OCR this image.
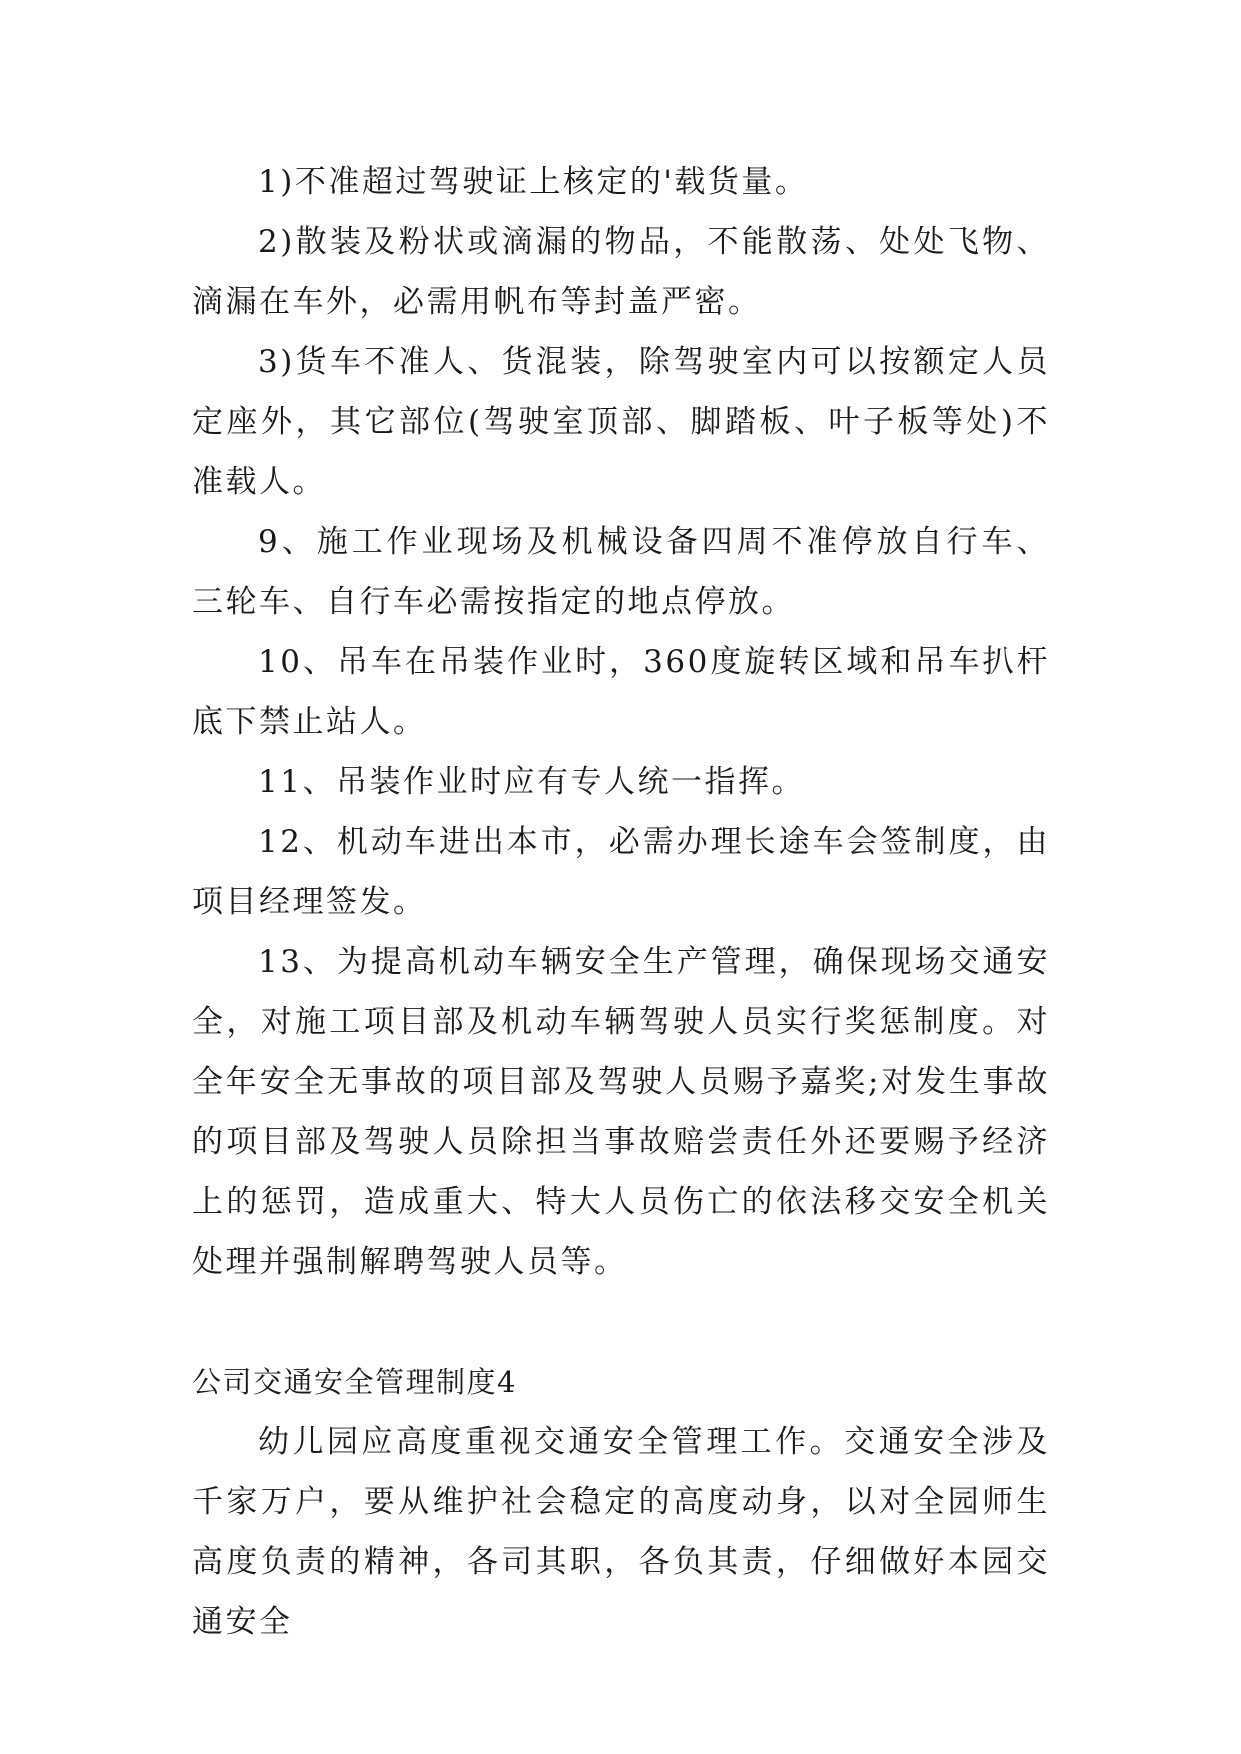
1)不准超过驾驶证上核定的'载货量。

2)散装及粉状或滴漏的物品，不能散荡、处处飞物、滴漏在车外，必需用帆布等封盖严密。

3)货车不准人、货混装，除驾驶室内可以按额定人员定座外，其它部位(驾驶室顶部、脚踏板、叶子板等处)不准载人。

9、施工作业现场及机械设备四周不准停放自行车、三轮车、自行车必需按指定的地点停放。

10、吊车在吊装作业时，360度旋转区域和吊车扒杆底下禁止站人。

11、吊装作业时应有专人统一指挥。

12、机动车进出本市，必需办理长途车会签制度，由项目经理签发。

13、为提高机动车辆安全生产管理，确保现场交通安全，对施工项目部及机动车辆驾驶人员实行奖惩制度。对全年安全无事故的项目部及驾驶人员赐予嘉奖;对发生事故的项目部及驾驶人员除担当事故赔尝责任外还要赐予经济上的惩罚，造成重大、特大人员伤亡的依法移交安全机关处理并强制解聘驾驶人员等。

公司交通安全管理制度4

幼儿园应高度重视交通安全管理工作。交通安全涉及千家万户，要从维护社会稳定的高度动身，以对全园师生高度负责的精神，各司其职，各负其责，仔细做好本园交通安全
